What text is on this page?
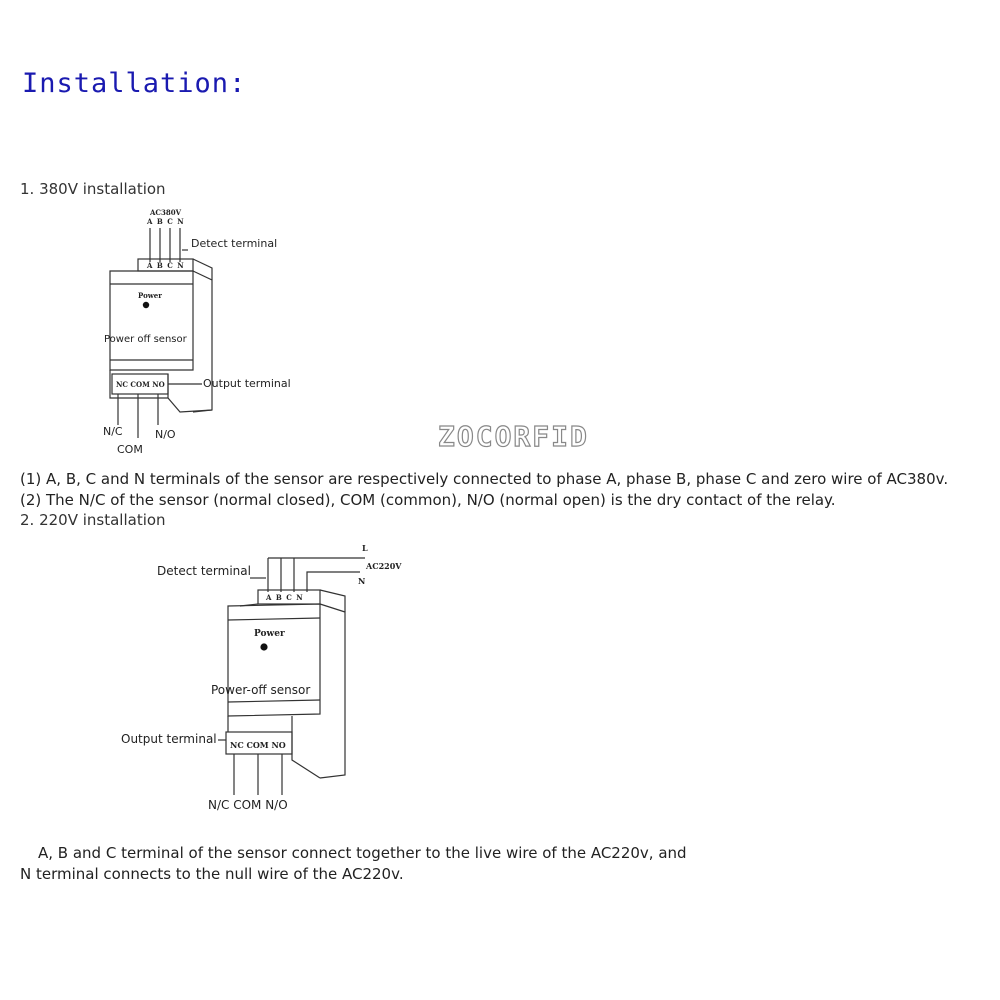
Installation:
1. 380V installation
AC380V
A B C N
A B C N
Detect terminal
Power
Power off sensor
NC COM NO	Output terminal
N/C	N/O
COM	ZOCORFID
(1) A, B, C and N terminals of the sensor are respectively connected to phase A, phase B, phase C and zero wire of AC380v.
(2) The N/C of the sensor (normal closed), COM (common), N/O (normal open) is the dry contact of the relay.
2. 220V installation
Detect terminal
L
AC220V
N
A B C N
Power
Power-off sensor
Output terminal NC COM NO
N/C COM N/O
A, B and C terminal of the sensor connect together to the live wire of the AC220v, and
N terminal connects to the null wire of the AC220v.
